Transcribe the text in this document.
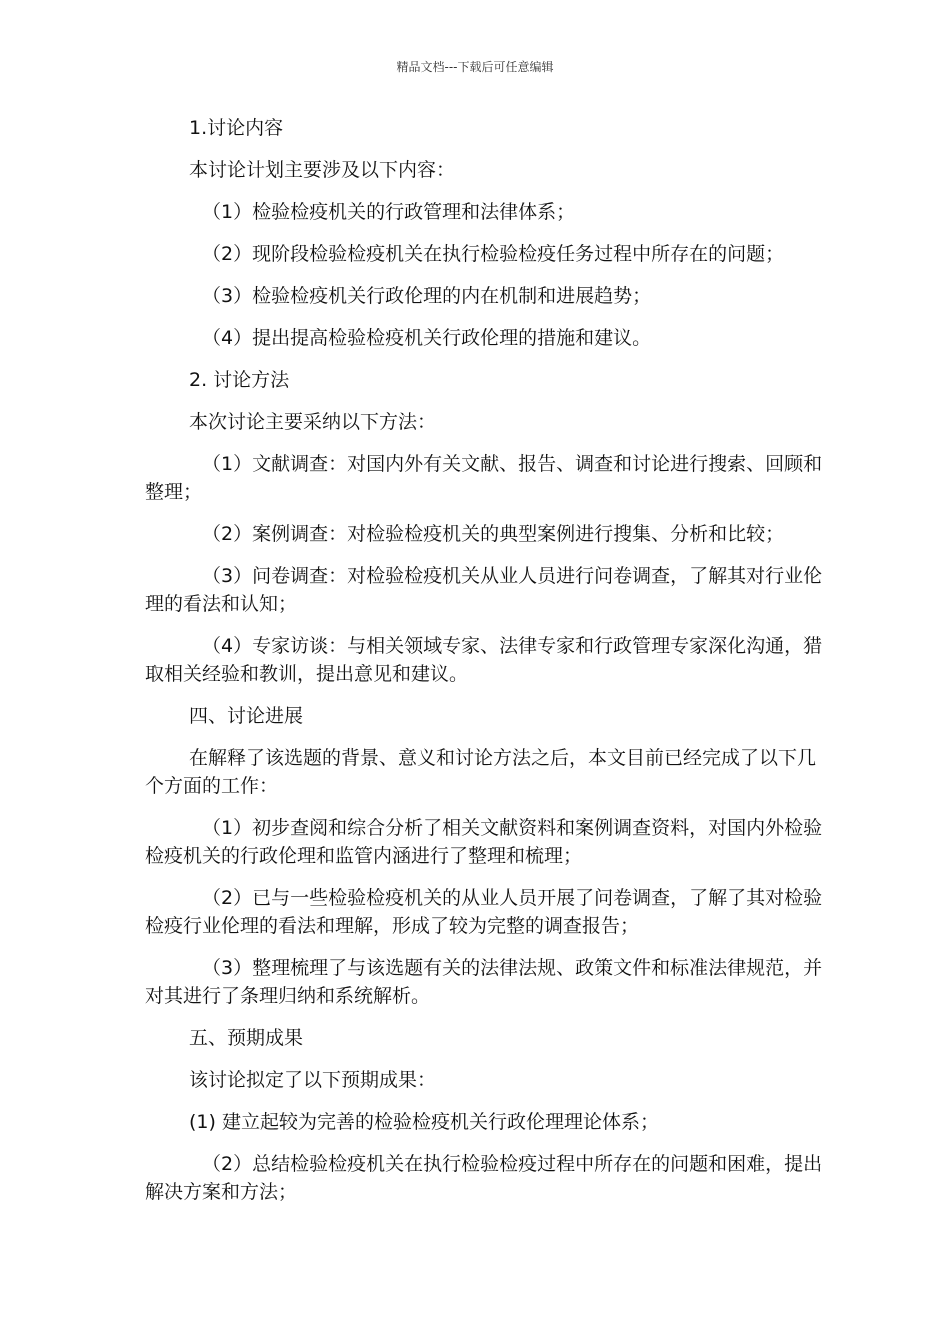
精品文档---下载后可任意编辑

1.讨论内容

本讨论计划主要涉及以下内容：

（1）检验检疫机关的行政管理和法律体系；

（2）现阶段检验检疫机关在执行检验检疫任务过程中所存在的问题；

（3）检验检疫机关行政伦理的内在机制和进展趋势；

（4）提出提高检验检疫机关行政伦理的措施和建议。

2. 讨论方法

本次讨论主要采纳以下方法：

（1）文献调查：对国内外有关文献、报告、调查和讨论进行搜索、回顾和整理；

（2）案例调查：对检验检疫机关的典型案例进行搜集、分析和比较；

（3）问卷调查：对检验检疫机关从业人员进行问卷调查，了解其对行业伦理的看法和认知；

（4）专家访谈：与相关领域专家、法律专家和行政管理专家深化沟通，猎取相关经验和教训，提出意见和建议。

四、讨论进展

在解释了该选题的背景、意义和讨论方法之后，本文目前已经完成了以下几个方面的工作：

（1）初步查阅和综合分析了相关文献资料和案例调查资料，对国内外检验检疫机关的行政伦理和监管内涵进行了整理和梳理；

（2）已与一些检验检疫机关的从业人员开展了问卷调查，了解了其对检验检疫行业伦理的看法和理解，形成了较为完整的调查报告；

（3）整理梳理了与该选题有关的法律法规、政策文件和标准法律规范，并对其进行了条理归纳和系统解析。

五、预期成果

该讨论拟定了以下预期成果：

(1) 建立起较为完善的检验检疫机关行政伦理理论体系；

（2）总结检验检疫机关在执行检验检疫过程中所存在的问题和困难，提出解决方案和方法；
